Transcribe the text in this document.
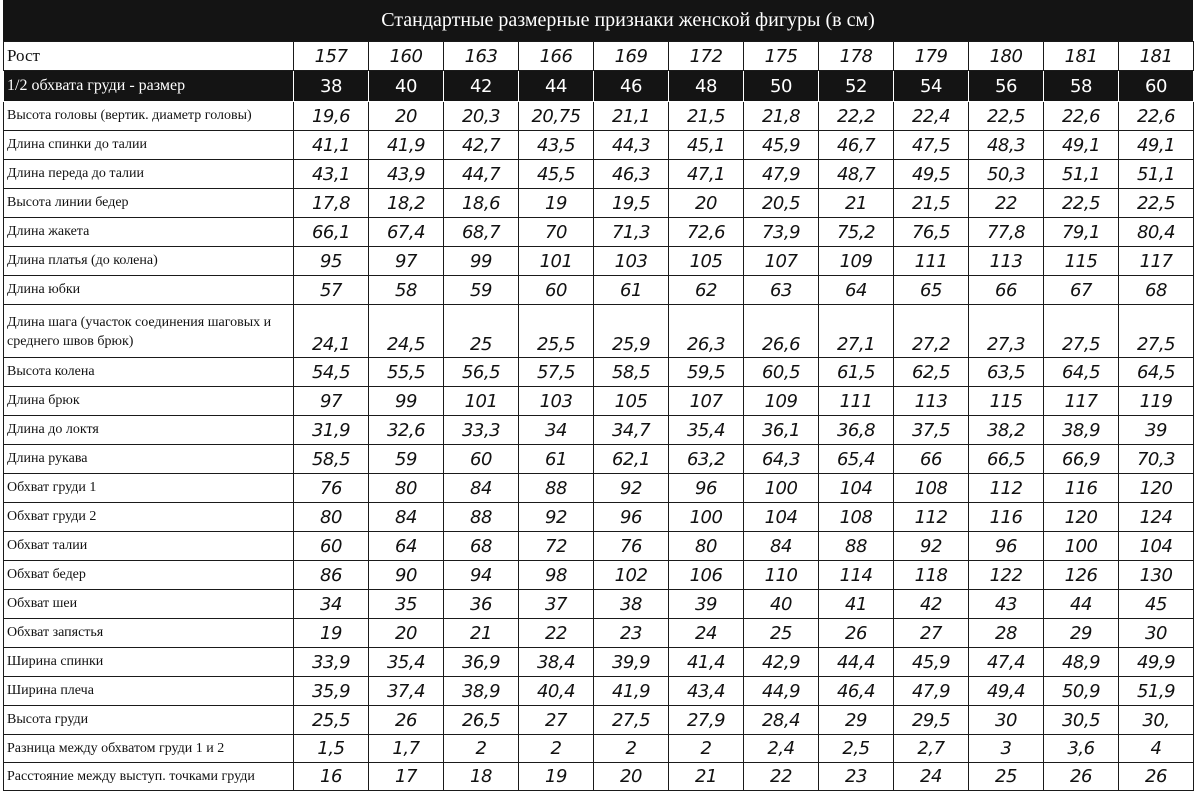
Стандартные размерные признаки женской фигуры (в см)
Рост	157	160	163	166	169	172	175	178	179	180	181	181
1/2 обхвата груди - размер	38	40	42	44	46	48	50	52	54	56	58	60
Высота головы (вертик. диаметр головы)	19,6	20	20,3	20,75	21,1	21,5	21,8	22,2	22,4	22,5	22,6	22,6
Длина спинки до талии	41,1	41,9	42,7	43,5	44,3	45,1	45,9	46,7	47,5	48,3	49,1	49,1
Длина переда до талии	43,1	43,9	44,7	45,5	46,3	47,1	47,9	48,7	49,5	50,3	51,1	51,1
Высота линии бедер	17,8	18,2	18,6	19	19,5	20	20,5	21	21,5	22	22,5	22,5
Длина жакета	66,1	67,4	68,7	70	71,3	72,6	73,9	75,2	76,5	77,8	79,1	80,4
Длина платья (до колена)	95	97	99	101	103	105	107	109	111	113	115	117
Длина юбки	57	58	59	60	61	62	63	64	65	66	67	68
Длина шага (участок соединения шаговых и среднего швов брюк)	24,1	24,5	25	25,5	25,9	26,3	26,6	27,1	27,2	27,3	27,5	27,5
Высота колена	54,5	55,5	56,5	57,5	58,5	59,5	60,5	61,5	62,5	63,5	64,5	64,5
Длина брюк	97	99	101	103	105	107	109	111	113	115	117	119
Длина до локтя	31,9	32,6	33,3	34	34,7	35,4	36,1	36,8	37,5	38,2	38,9	39
Длина рукава	58,5	59	60	61	62,1	63,2	64,3	65,4	66	66,5	66,9	70,3
Обхват груди 1	76	80	84	88	92	96	100	104	108	112	116	120
Обхват груди 2	80	84	88	92	96	100	104	108	112	116	120	124
Обхват талии	60	64	68	72	76	80	84	88	92	96	100	104
Обхват бедер	86	90	94	98	102	106	110	114	118	122	126	130
Обхват шеи	34	35	36	37	38	39	40	41	42	43	44	45
Обхват запястья	19	20	21	22	23	24	25	26	27	28	29	30
Ширина спинки	33,9	35,4	36,9	38,4	39,9	41,4	42,9	44,4	45,9	47,4	48,9	49,9
Ширина плеча	35,9	37,4	38,9	40,4	41,9	43,4	44,9	46,4	47,9	49,4	50,9	51,9
Высота груди	25,5	26	26,5	27	27,5	27,9	28,4	29	29,5	30	30,5	30,
Разница между обхватом груди 1 и 2	1,5	1,7	2	2	2	2	2,4	2,5	2,7	3	3,6	4
Расстояние между выступ. точками груди	16	17	18	19	20	21	22	23	24	25	26	26
